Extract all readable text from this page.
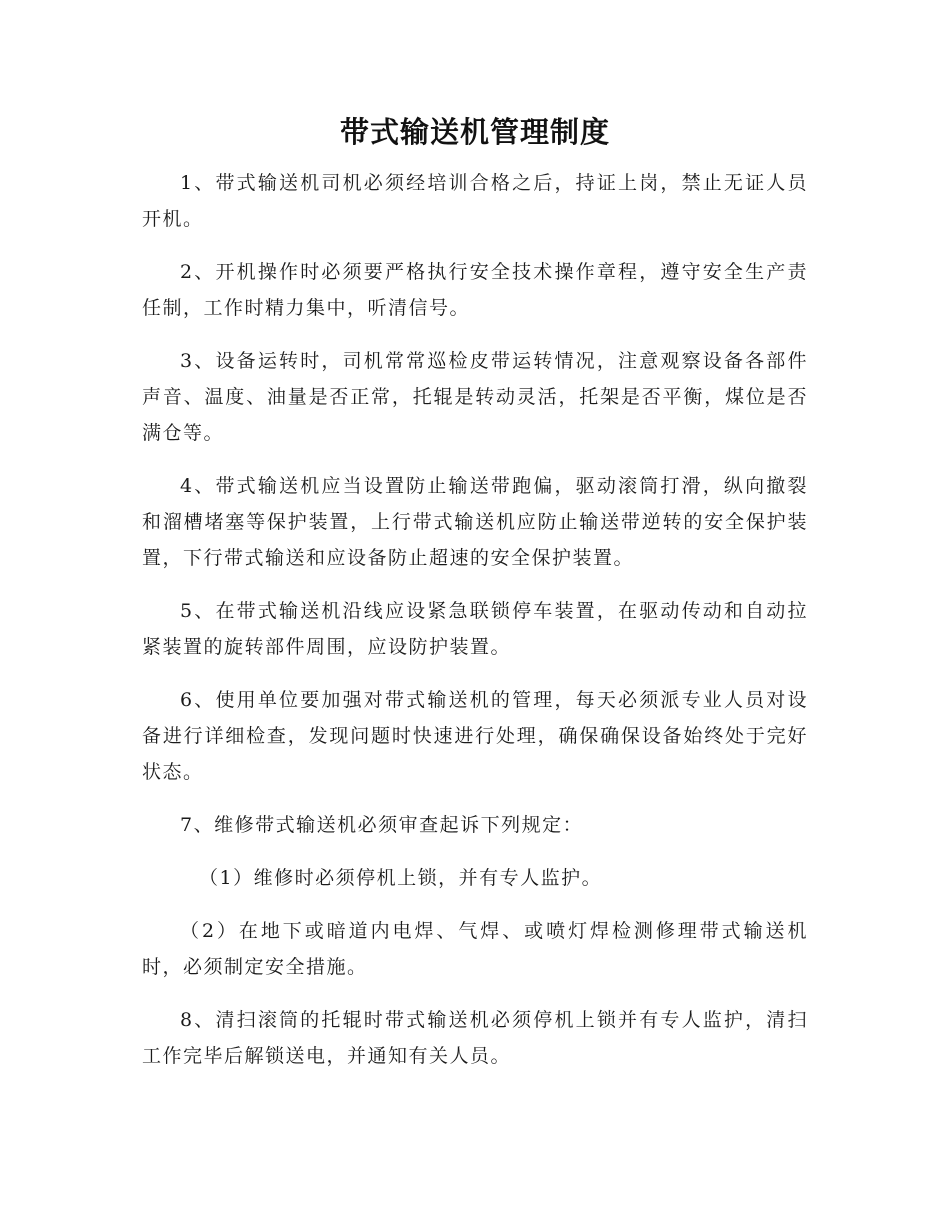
带式输送机管理制度

1、带式输送机司机必须经培训合格之后，持证上岗，禁止无证人员开机。

2、开机操作时必须要严格执行安全技术操作章程，遵守安全生产责任制，工作时精力集中，听清信号。

3、设备运转时，司机常常巡检皮带运转情况，注意观察设备各部件声音、温度、油量是否正常，托辊是转动灵活，托架是否平衡，煤位是否满仓等。

4、带式输送机应当设置防止输送带跑偏，驱动滚筒打滑，纵向撤裂和溜槽堵塞等保护装置，上行带式输送机应防止输送带逆转的安全保护装置，下行带式输送和应设备防止超速的安全保护装置。

5、在带式输送机沿线应设紧急联锁停车装置，在驱动传动和自动拉紧装置的旋转部件周围，应设防护装置。

6、使用单位要加强对带式输送机的管理，每天必须派专业人员对设备进行详细检查，发现问题时快速进行处理，确保确保设备始终处于完好状态。

7、维修带式输送机必须审查起诉下列规定：

（1）维修时必须停机上锁，并有专人监护。

（2）在地下或暗道内电焊、气焊、或喷灯焊检测修理带式输送机时，必须制定安全措施。

8、清扫滚筒的托辊时带式输送机必须停机上锁并有专人监护，清扫工作完毕后解锁送电，并通知有关人员。
